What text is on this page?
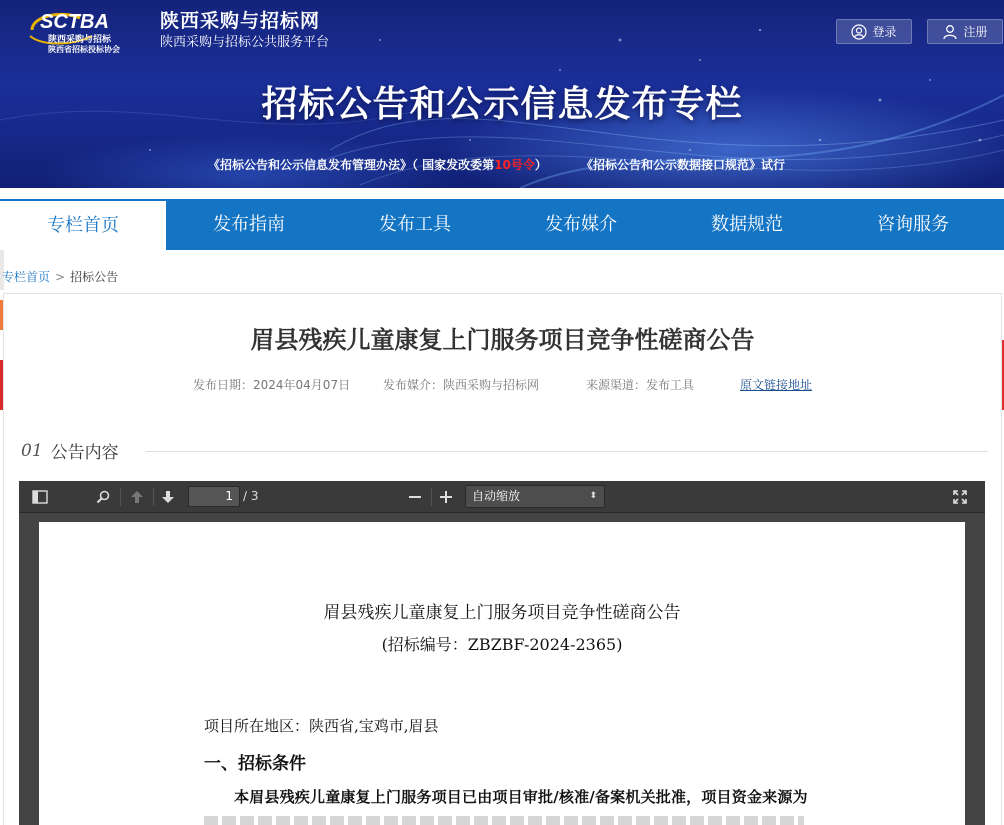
SCTBA
陕西采购与招标
陕西省招标投标协会
陕西采购与招标网
陕西采购与招标公共服务平台
登录	注册
招标公告和公示信息发布专栏
《招标公告和公示信息发布管理办法》（ 国家发改委第10号令）	《招标公告和公示数据接口规范》试行
专栏首页	发布指南	发布工具	发布媒介	数据规范	咨询服务
专栏首页 > 招标公告
眉县残疾儿童康复上门服务项目竞争性磋商公告
发布日期：2024年04月07日	发布媒介：陕西采购与招标网	来源渠道：发布工具	原文链接地址
01 公告内容
1 / 3	自动缩放	⬍
眉县残疾儿童康复上门服务项目竞争性磋商公告
(招标编号：ZBZBF-2024-2365)
项目所在地区：陕西省,宝鸡市,眉县
一、招标条件
本眉县残疾儿童康复上门服务项目已由项目审批/核准/备案机关批准，项目资金来源为
